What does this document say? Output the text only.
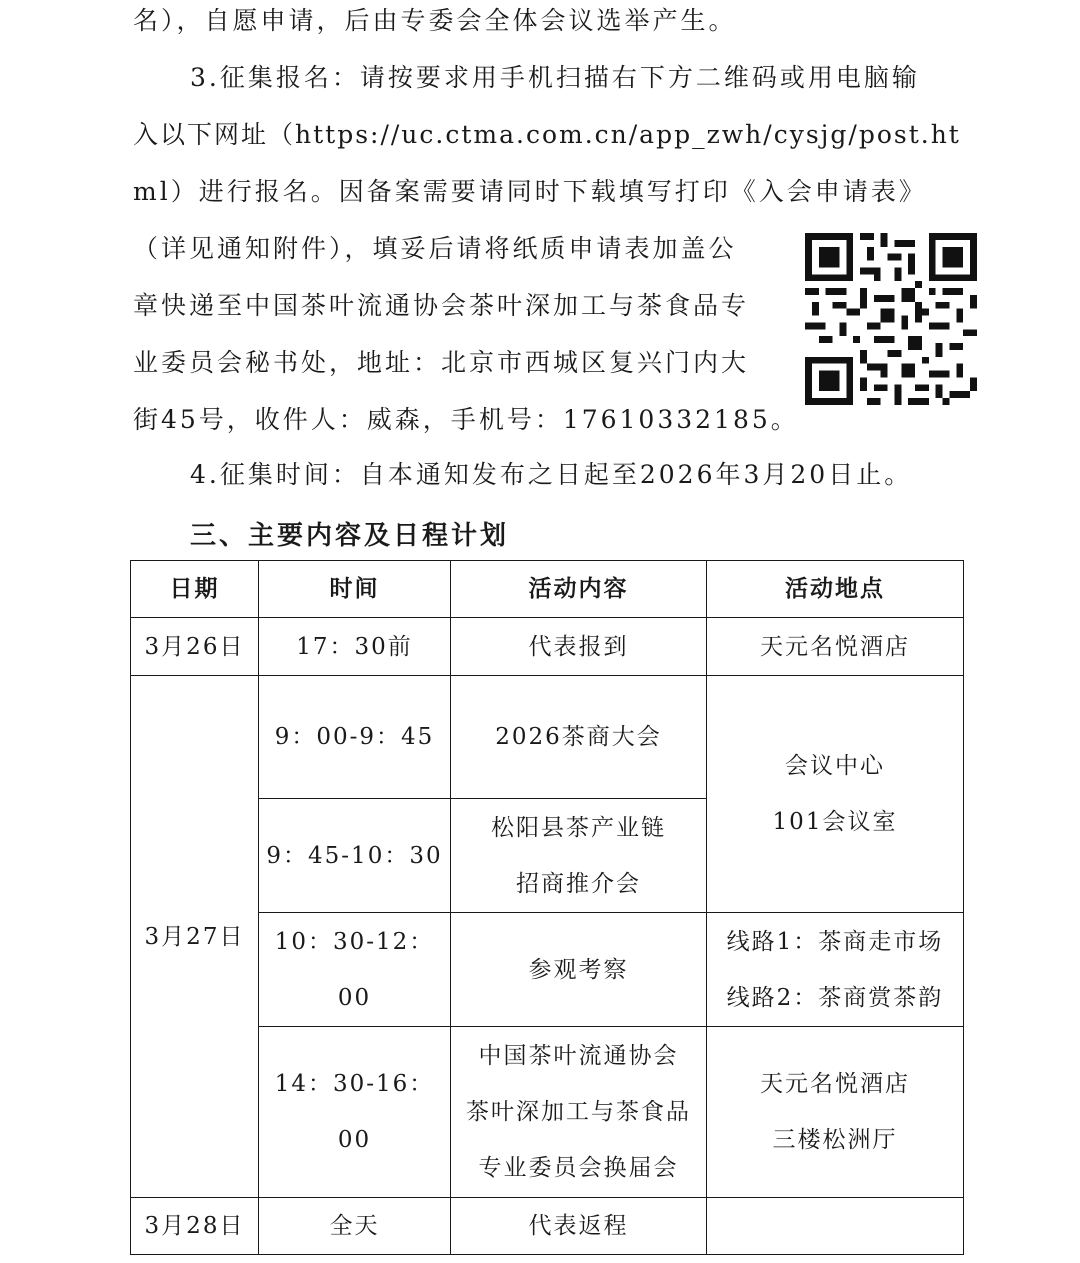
名），自愿申请，后由专委会全体会议选举产生。
3.征集报名：请按要求用手机扫描右下方二维码或用电脑输
入以下网址（https://uc.ctma.com.cn/app_zwh/cysjg/post.ht
ml）进行报名。因备案需要请同时下载填写打印《入会申请表》
（详见通知附件），填妥后请将纸质申请表加盖公
章快递至中国茶叶流通协会茶叶深加工与茶食品专
业委员会秘书处，地址：北京市西城区复兴门内大
街45号，收件人：威森，手机号：17610332185。
4.征集时间：自本通知发布之日起至2026年3月20日止。
三、主要内容及日程计划
日期	时间	活动内容	活动地点
3月26日	17：30前	代表报到	天元名悦酒店
3月27日	9：00-9：45	2026茶商大会	会议中心
101会议室

	9：45-10：30	松阳县茶产业链
招商推介会	

	10：30-12：00	参观考察	线路1：茶商走市场
线路2：茶商赏茶韵

	14：30-16：00	中国茶叶流通协会
茶叶深加工与茶食品
专业委员会换届会	天元名悦酒店
三楼松洲厅

3月28日	全天	代表返程	
